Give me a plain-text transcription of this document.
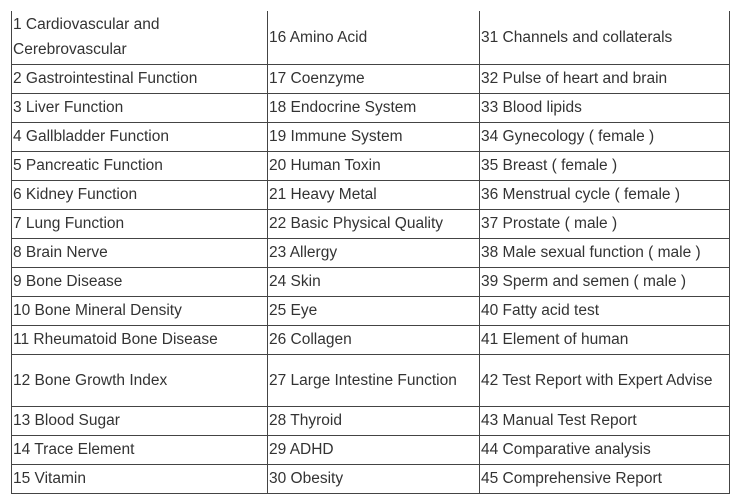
1 Cardiovascular and Cerebrovascular	16 Amino Acid	31 Channels and collaterals
2 Gastrointestinal Function	17 Coenzyme	32 Pulse of heart and brain
3 Liver Function	18 Endocrine System	33 Blood lipids
4 Gallbladder Function	19 Immune System	34 Gynecology ( female )
5 Pancreatic Function	20 Human Toxin	35 Breast ( female )
6 Kidney Function	21 Heavy Metal	36 Menstrual cycle ( female )
7 Lung Function	22 Basic Physical Quality	37 Prostate ( male )
8 Brain Nerve	23 Allergy	38 Male sexual function ( male )
9 Bone Disease	24 Skin	39 Sperm and semen ( male )
10 Bone Mineral Density	25 Eye	40 Fatty acid test
11 Rheumatoid Bone Disease	26 Collagen	41 Element of human
12 Bone Growth Index	27 Large Intestine Function	42 Test Report with Expert Advise
13 Blood Sugar	28 Thyroid	43 Manual Test Report
14 Trace Element	29 ADHD	44 Comparative analysis
15 Vitamin	30 Obesity	45 Comprehensive Report
